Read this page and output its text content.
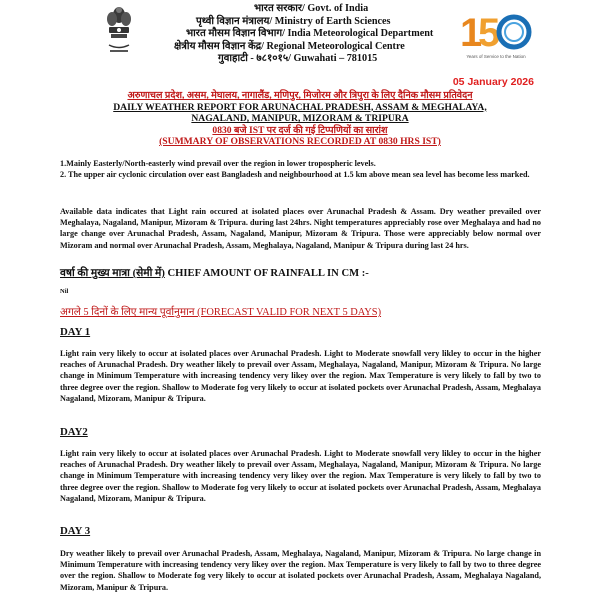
भारत सरकार/ Govt. of India
पृथ्वी विज्ञान मंत्रालय/ Ministry of Earth Sciences
भारत मौसम विज्ञान विभाग/ India Meteorological Department
क्षेत्रीय मौसम विज्ञान केंद्र/ Regional Meteorological Centre
गुवाहाटी - ७८१०१५/ Guwahati – 781015
1
5
Years of Service to the Nation
05 January 2026
अरुणाचल प्रदेश, असम, मेघालय, नागालैंड, मणिपुर, मिजोरम और त्रिपुरा के लिए दैनिक मौसम प्रतिवेदन
DAILY WEATHER REPORT FOR ARUNACHAL PRADESH, ASSAM & MEGHALAYA,
NAGALAND, MANIPUR, MIZORAM & TRIPURA
0830 बजे IST पर दर्ज की गई टिप्पणियों का सारांश
(SUMMARY OF OBSERVATIONS RECORDED AT 0830 HRS IST)

1.Mainly Easterly/North-easterly wind prevail over the region in lower tropospheric levels.

2. The upper air cyclonic circulation over east Bangladesh and neighbourhood at 1.5 km above mean sea level has become less marked.

Available data indicates that Light rain occured at isolated places over Arunachal Pradesh & Assam. Dry weather prevailed over Meghalaya, Nagaland, Manipur, Mizoram & Tripura. during last 24hrs. Night temperatures appreciably rose over Meghalaya and had no large change over Arunachal Pradesh, Assam, Nagaland, Manipur, Mizoram & Tripura. Those were appreciably below normal over Mizoram and normal over Arunachal Pradesh, Assam, Meghalaya, Nagaland, Manipur & Tripura during last 24 hrs.

वर्षा की मुख्य मात्रा (सेमी में) CHIEF AMOUNT OF RAINFALL IN CM :-
Nil
अगले 5 दिनों के लिए मान्य पूर्वानुमान (FORECAST VALID FOR NEXT 5 DAYS)
DAY 1

Light rain very likely to occur at isolated places over Arunachal Pradesh. Light to Moderate snowfall very likley to occur in the higher reaches of Arunachal Pradesh. Dry weather likely to prevail over Assam, Meghalaya, Nagaland, Manipur, Mizoram & Tripura. No large change in Minimum Temperature with increasing tendency very likey over the region. Max Temperature is very likely to fall by two to three degree over the region. Shallow to Moderate fog very likely to occur at isolated pockets over Arunachal Pradesh, Assam, Meghalaya Nagaland, Mizoram, Manipur & Tripura.

DAY2

Light rain very likely to occur at isolated places over Arunachal Pradesh. Light to Moderate snowfall very likley to occur in the higher reaches of Arunachal Pradesh. Dry weather likely to prevail over Assam, Meghalaya, Nagaland, Manipur, Mizoram & Tripura. No large change in Minimum Temperature with increasing tendency very likey over the region. Max Temperature is very likely to fall by two to three degree over the region. Shallow to Moderate fog very likely to occur at isolated pockets over Arunachal Pradesh, Assam, Meghalaya Nagaland, Mizoram, Manipur & Tripura.

DAY 3

Dry weather likely to prevail over Arunachal Pradesh, Assam, Meghalaya, Nagaland, Manipur, Mizoram & Tripura. No large change in Minimum Temperature with increasing tendency very likey over the region. Max Temperature is very likely to fall by two to three degree over the region. Shallow to Moderate fog very likely to occur at isolated pockets over Arunachal Pradesh, Assam, Meghalaya Nagaland, Mizoram, Manipur & Tripura.
